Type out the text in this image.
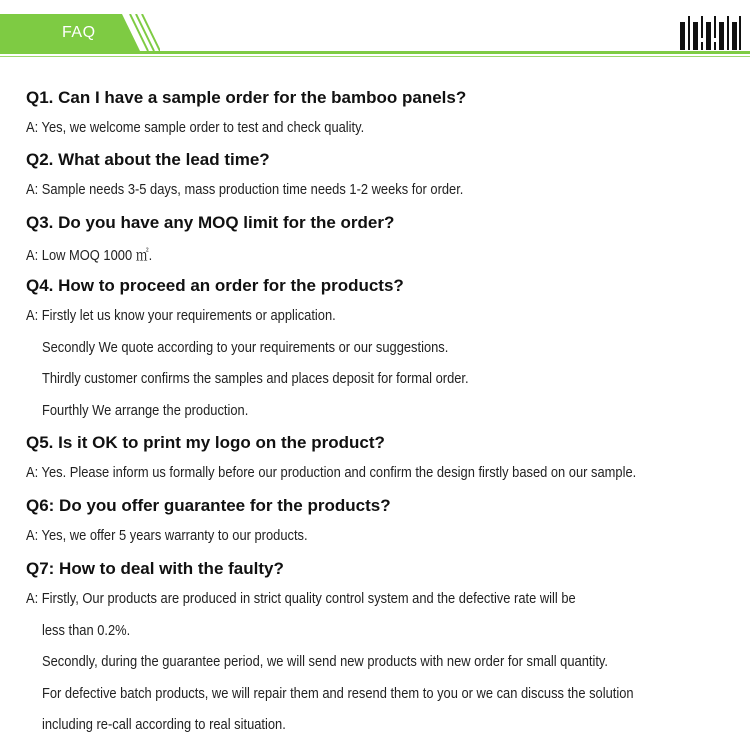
FAQ
Q1. Can I have a sample order for the bamboo panels?
A: Yes, we welcome sample order to test and check quality.
Q2. What about the lead time?
A: Sample needs 3-5 days, mass production time needs 1-2 weeks for order.
Q3. Do you have any MOQ limit for the order?
A: Low MOQ 1000 ㎡.
Q4. How to proceed an order for the products?
A: Firstly let us know your requirements or application.
Secondly We quote according to your requirements or our suggestions.
Thirdly customer confirms the samples and places deposit for formal order.
Fourthly We arrange the production.
Q5. Is it OK to print my logo on the product?
A: Yes. Please inform us formally before our production and confirm the design firstly based on our sample.
Q6: Do you offer guarantee for the products?
A: Yes, we offer 5 years warranty to our products.
Q7: How to deal with the faulty?
A: Firstly, Our products are produced in strict quality control system and the defective rate will be
less than 0.2%.
Secondly, during the guarantee period, we will send new products with new order for small quantity.
For defective batch products, we will repair them and resend them to you or we can discuss the solution
including re-call according to real situation.
